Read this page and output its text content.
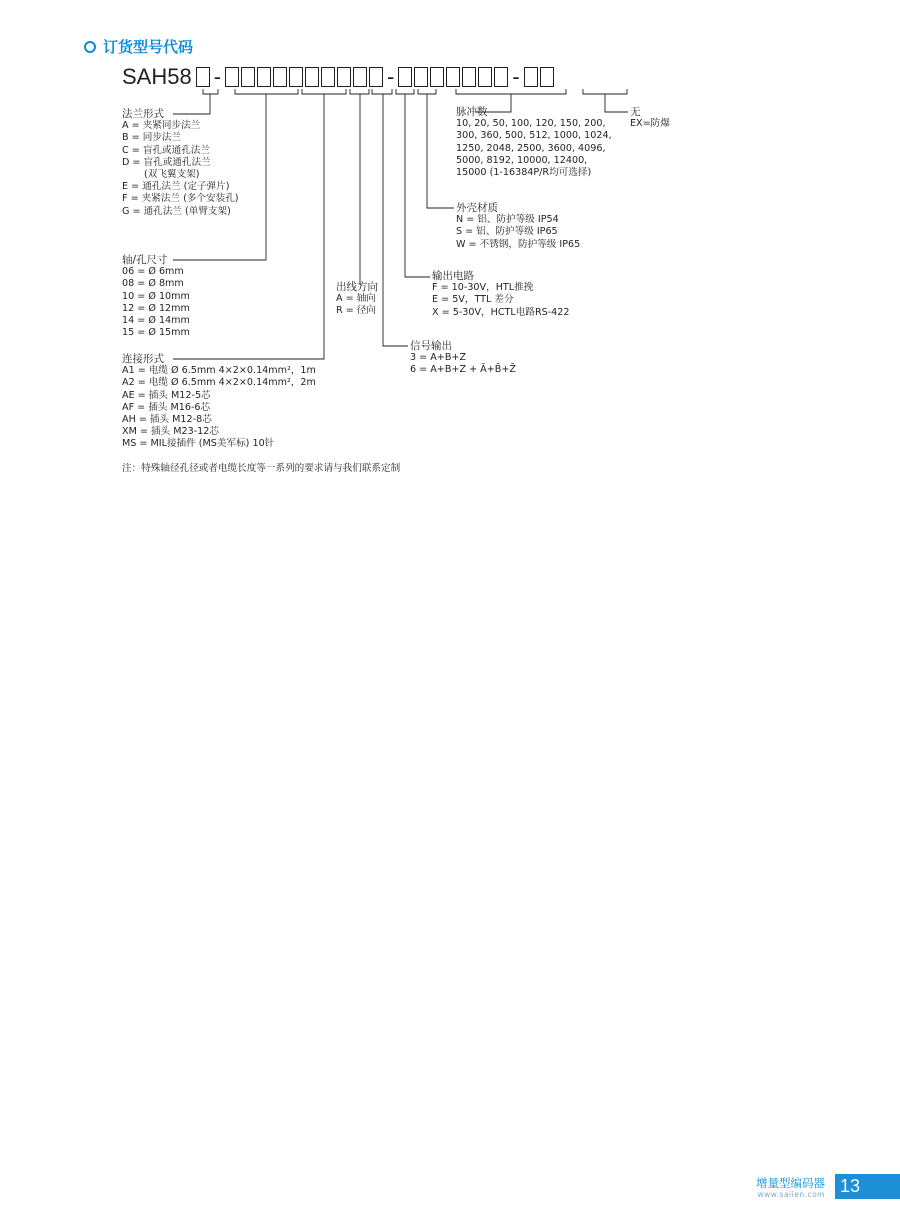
订货型号代码
SAH58 -	-	-
法兰形式
A = 夹紧同步法兰
B = 同步法兰
C = 盲孔或通孔法兰
D = 盲孔或通孔法兰
(双飞翼支架)
E = 通孔法兰 (定子弹片)
F = 夹紧法兰 (多个安装孔)
G = 通孔法兰 (单臂支架)
轴/孔尺寸
06 = Ø 6mm
08 = Ø 8mm
10 = Ø 10mm
12 = Ø 12mm
14 = Ø 14mm
15 = Ø 15mm
连接形式
A1 = 电缆 Ø 6.5mm 4×2×0.14mm²，1m
A2 = 电缆 Ø 6.5mm 4×2×0.14mm²，2m
AE = 插头 M12-5芯
AF = 插头 M16-6芯
AH = 插头 M12-8芯
XM = 插头 M23-12芯
MS = MIL接插件 (MS美军标) 10针
出线方向
A = 轴向
R = 径向
信号输出
3 = A+B+Z
6 = A+B+Z + Ā+B̄+Z̄
输出电路
F = 10-30V，HTL推挽
E = 5V，TTL 差分
X = 5-30V，HCTL电路RS-422
外壳材质
N = 铝、防护等级 IP54
S = 铝、防护等级 IP65
W = 不锈钢，防护等级 IP65
脉冲数
10, 20, 50, 100, 120, 150, 200,
300, 360, 500, 512, 1000, 1024,
1250, 2048, 2500, 3600, 4096,
5000, 8192, 10000, 12400,
15000 (1-16384P/R均可选择)
无
EX=防爆
注：特殊轴径孔径或者电缆长度等一系列的要求请与我们联系定制
增量型编码器
www.saiien.com 13
